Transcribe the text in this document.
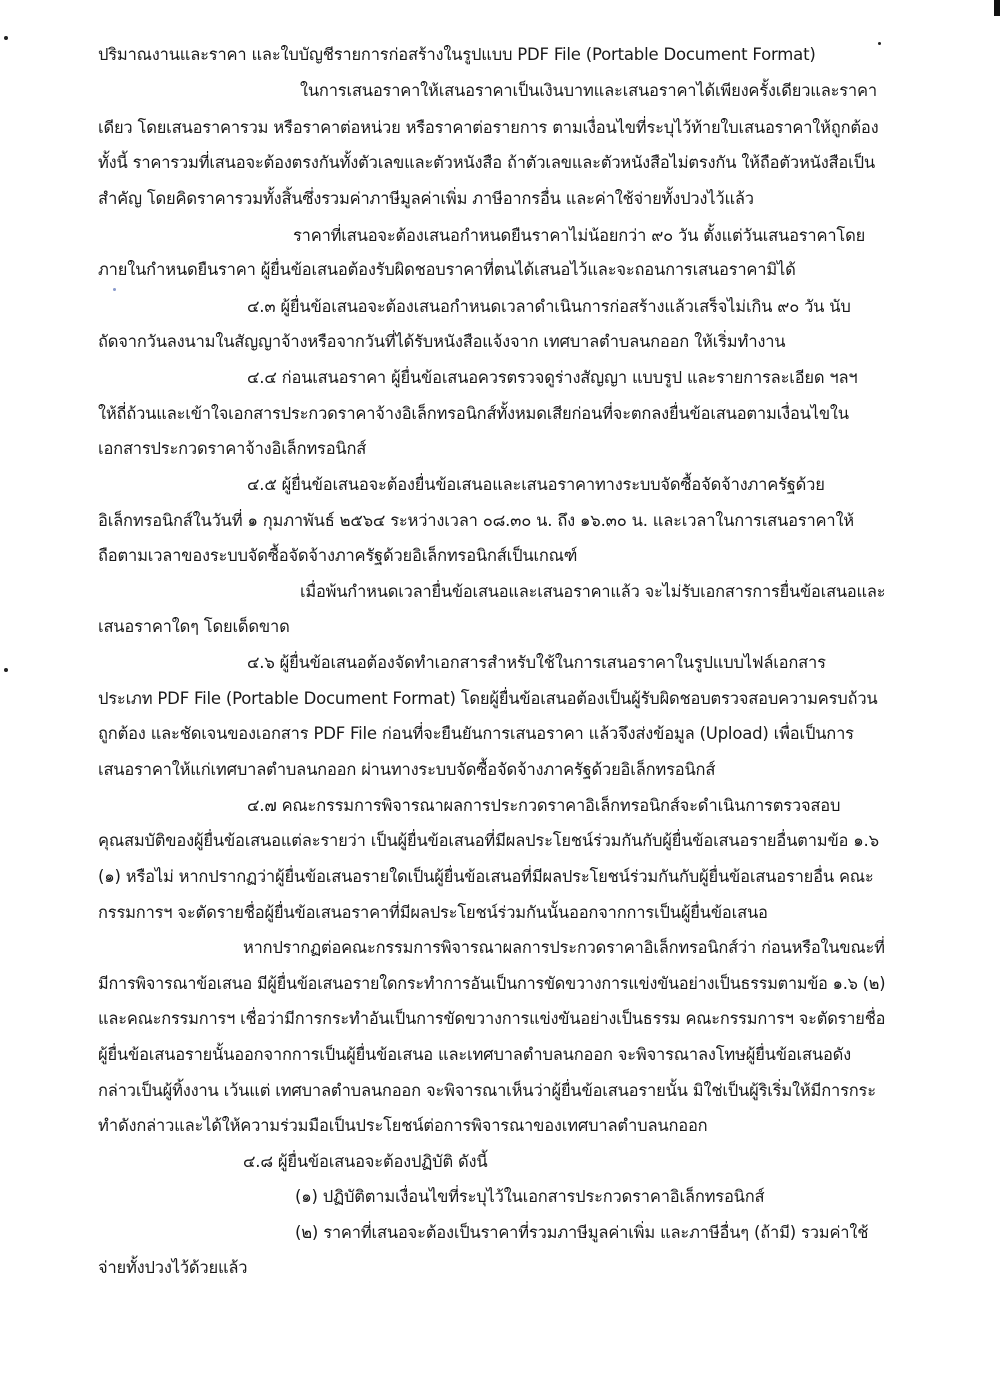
ปริมาณงานและราคา และใบบัญชีรายการก่อสร้างในรูปแบบ PDF File (Portable Document Format)
ในการเสนอราคาให้เสนอราคาเป็นเงินบาทและเสนอราคาได้เพียงครั้งเดียวและราคา
เดียว โดยเสนอราคารวม หรือราคาต่อหน่วย หรือราคาต่อรายการ ตามเงื่อนไขที่ระบุไว้ท้ายใบเสนอราคาให้ถูกต้อง
ทั้งนี้ ราคารวมที่เสนอจะต้องตรงกันทั้งตัวเลขและตัวหนังสือ ถ้าตัวเลขและตัวหนังสือไม่ตรงกัน ให้ถือตัวหนังสือเป็น
สำคัญ โดยคิดราคารวมทั้งสิ้นซึ่งรวมค่าภาษีมูลค่าเพิ่ม ภาษีอากรอื่น และค่าใช้จ่ายทั้งปวงไว้แล้ว
ราคาที่เสนอจะต้องเสนอกำหนดยืนราคาไม่น้อยกว่า ๙๐ วัน ตั้งแต่วันเสนอราคาโดย
ภายในกำหนดยืนราคา ผู้ยื่นข้อเสนอต้องรับผิดชอบราคาที่ตนได้เสนอไว้และจะถอนการเสนอราคามิได้
๔.๓ ผู้ยื่นข้อเสนอจะต้องเสนอกำหนดเวลาดำเนินการก่อสร้างแล้วเสร็จไม่เกิน ๙๐ วัน นับ
ถัดจากวันลงนามในสัญญาจ้างหรือจากวันที่ได้รับหนังสือแจ้งจาก เทศบาลตำบลนกออก ให้เริ่มทำงาน
๔.๔ ก่อนเสนอราคา ผู้ยื่นข้อเสนอควรตรวจดูร่างสัญญา แบบรูป และรายการละเอียด ฯลฯ
ให้ถี่ถ้วนและเข้าใจเอกสารประกวดราคาจ้างอิเล็กทรอนิกส์ทั้งหมดเสียก่อนที่จะตกลงยื่นข้อเสนอตามเงื่อนไขใน
เอกสารประกวดราคาจ้างอิเล็กทรอนิกส์
๔.๕ ผู้ยื่นข้อเสนอจะต้องยื่นข้อเสนอและเสนอราคาทางระบบจัดซื้อจัดจ้างภาครัฐด้วย
อิเล็กทรอนิกส์ในวันที่ ๑ กุมภาพันธ์ ๒๕๖๔ ระหว่างเวลา ๐๘.๓๐ น. ถึง ๑๖.๓๐ น. และเวลาในการเสนอราคาให้
ถือตามเวลาของระบบจัดซื้อจัดจ้างภาครัฐด้วยอิเล็กทรอนิกส์เป็นเกณฑ์
เมื่อพ้นกำหนดเวลายื่นข้อเสนอและเสนอราคาแล้ว จะไม่รับเอกสารการยื่นข้อเสนอและ
เสนอราคาใดๆ โดยเด็ดขาด
๔.๖ ผู้ยื่นข้อเสนอต้องจัดทำเอกสารสำหรับใช้ในการเสนอราคาในรูปแบบไฟล์เอกสาร
ประเภท PDF File (Portable Document Format) โดยผู้ยื่นข้อเสนอต้องเป็นผู้รับผิดชอบตรวจสอบความครบถ้วน
ถูกต้อง และชัดเจนของเอกสาร PDF File ก่อนที่จะยืนยันการเสนอราคา แล้วจึงส่งข้อมูล (Upload) เพื่อเป็นการ
เสนอราคาให้แก่เทศบาลตำบลนกออก ผ่านทางระบบจัดซื้อจัดจ้างภาครัฐด้วยอิเล็กทรอนิกส์
๔.๗ คณะกรรมการพิจารณาผลการประกวดราคาอิเล็กทรอนิกส์จะดำเนินการตรวจสอบ
คุณสมบัติของผู้ยื่นข้อเสนอแต่ละรายว่า เป็นผู้ยื่นข้อเสนอที่มีผลประโยชน์ร่วมกันกับผู้ยื่นข้อเสนอรายอื่นตามข้อ ๑.๖
(๑) หรือไม่ หากปรากฏว่าผู้ยื่นข้อเสนอรายใดเป็นผู้ยื่นข้อเสนอที่มีผลประโยชน์ร่วมกันกับผู้ยื่นข้อเสนอรายอื่น คณะ
กรรมการฯ จะตัดรายชื่อผู้ยื่นข้อเสนอราคาที่มีผลประโยชน์ร่วมกันนั้นออกจากการเป็นผู้ยื่นข้อเสนอ
หากปรากฏต่อคณะกรรมการพิจารณาผลการประกวดราคาอิเล็กทรอนิกส์ว่า ก่อนหรือในขณะที่
มีการพิจารณาข้อเสนอ มีผู้ยื่นข้อเสนอรายใดกระทำการอันเป็นการขัดขวางการแข่งขันอย่างเป็นธรรมตามข้อ ๑.๖ (๒)
และคณะกรรมการฯ เชื่อว่ามีการกระทำอันเป็นการขัดขวางการแข่งขันอย่างเป็นธรรม คณะกรรมการฯ จะตัดรายชื่อ
ผู้ยื่นข้อเสนอรายนั้นออกจากการเป็นผู้ยื่นข้อเสนอ และเทศบาลตำบลนกออก จะพิจารณาลงโทษผู้ยื่นข้อเสนอดัง
กล่าวเป็นผู้ทิ้งงาน เว้นแต่ เทศบาลตำบลนกออก จะพิจารณาเห็นว่าผู้ยื่นข้อเสนอรายนั้น มิใช่เป็นผู้ริเริ่มให้มีการกระ
ทำดังกล่าวและได้ให้ความร่วมมือเป็นประโยชน์ต่อการพิจารณาของเทศบาลตำบลนกออก
๔.๘ ผู้ยื่นข้อเสนอจะต้องปฏิบัติ ดังนี้
(๑) ปฏิบัติตามเงื่อนไขที่ระบุไว้ในเอกสารประกวดราคาอิเล็กทรอนิกส์
(๒) ราคาที่เสนอจะต้องเป็นราคาที่รวมภาษีมูลค่าเพิ่ม และภาษีอื่นๆ (ถ้ามี) รวมค่าใช้
จ่ายทั้งปวงไว้ด้วยแล้ว
